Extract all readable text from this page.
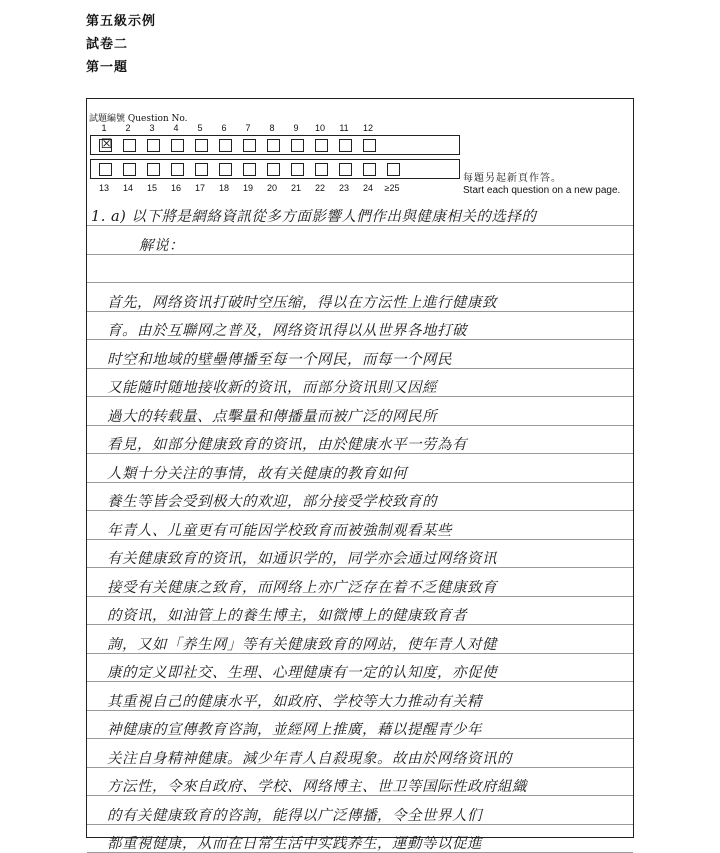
第五級示例
試卷二
第一題
試題編號 Question No.
1	2	3	4	5	6	7	8	9	10	11	12
☒
13	14	15	16	17	18	19	20	21	22	23	24	≥25
每題另起新頁作答。
Start each question on a new page.
1. a) 以下將是網絡資訊從多方面影響人們作出與健康相关的选择的
解说：
首先，网络资讯打破时空压缩，得以在方沄性上進行健康致
育。由於互聯网之普及，网络资讯得以从世界各地打破
时空和地域的壁壘傳播至每一个网民，而每一个网民
又能隨时随地接收新的资讯，而部分资讯則又因經
過大的转载量、点擊量和傳播量而被广泛的网民所
看見，如部分健康致育的资讯，由於健康水平一劳為有
人類十分关注的事情，故有关健康的教育如何
養生等皆会受到极大的欢迎，部分接受学校致育的
年青人、儿童更有可能因学校致育而被強制观看某些
有关健康致育的资讯，如通识学的，同学亦会通过网络资讯
接受有关健康之致育，而网络上亦广泛存在着不乏健康致育
的资讯，如油管上的養生博主，如微博上的健康致育者
詢，又如「养生网」等有关健康致育的网站，使年青人对健
康的定义即社交、生理、心理健康有一定的认知度，亦促使
其重視自己的健康水平，如政府、学校等大力推动有关精
神健康的宣傳教育咨詢，並經网上推廣，藉以提醒青少年
关注自身精神健康。減少年青人自殺現象。故由於网络资讯的
方沄性，令來自政府、学校、网络博主、世卫等国际性政府組織
的有关健康致育的咨詢，能得以广泛傳播，令全世界人们
都重視健康，从而在日常生活中实践养生，運動等以促進
